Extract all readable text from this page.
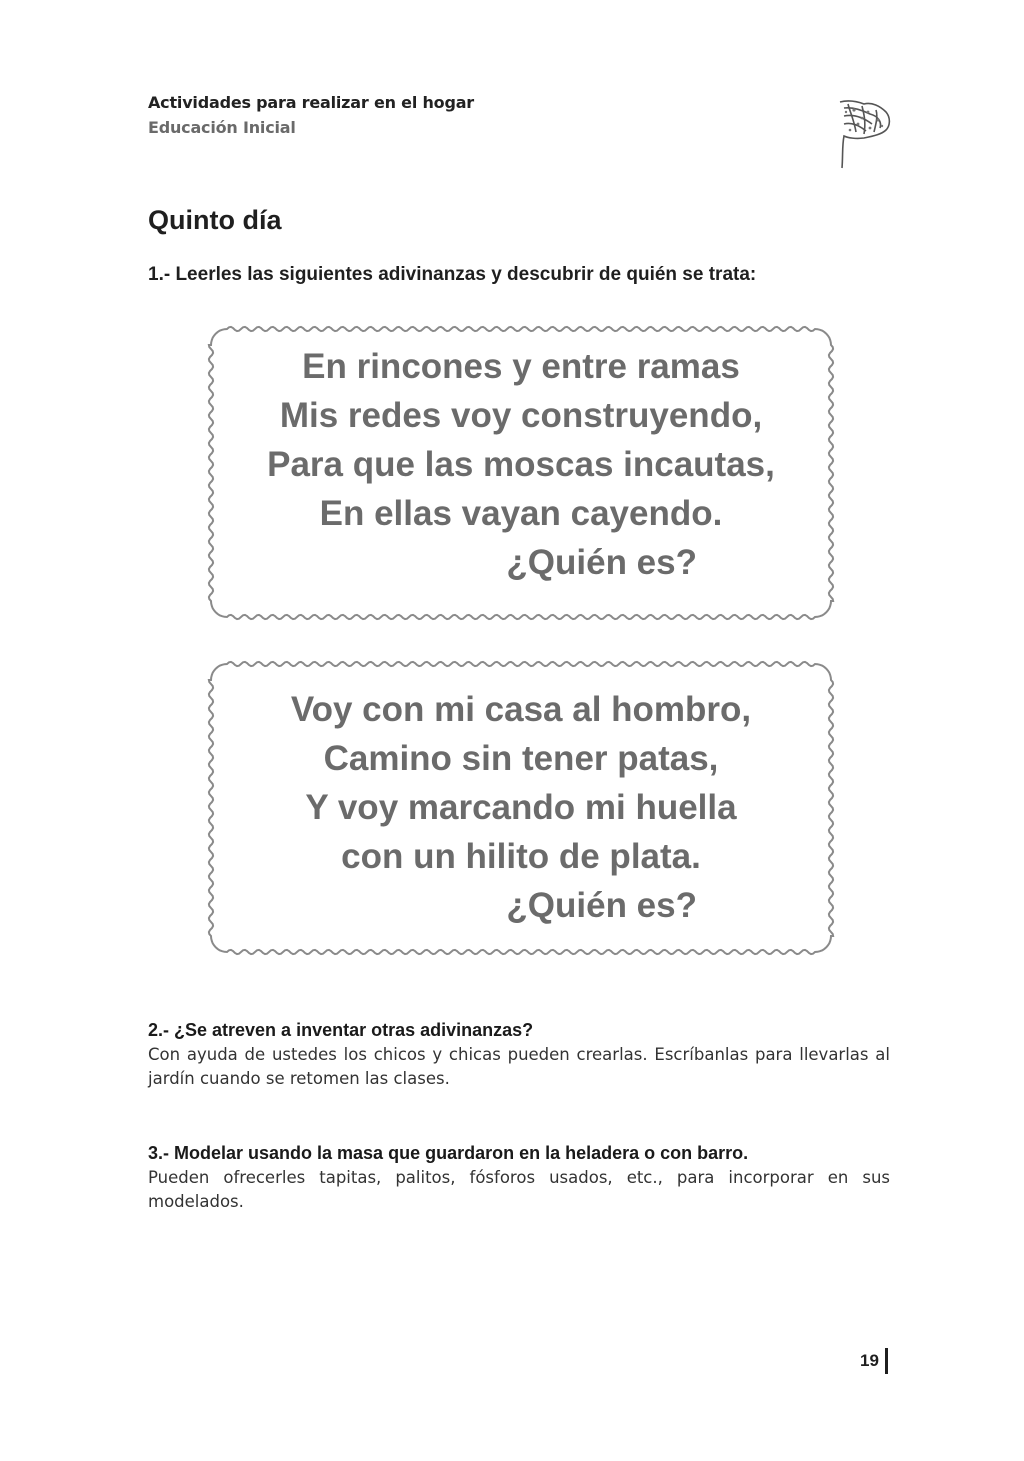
Actividades para realizar en el hogar
Educación Inicial
Quinto día
1.- Leerles las siguientes adivinanzas y descubrir de quién se trata:
En rincones y entre ramas
Mis redes voy construyendo,
Para que las moscas incautas,
En ellas vayan cayendo.
¿Quién es?
Voy con mi casa al hombro,
Camino sin tener patas,
Y voy marcando mi huella
con un hilito de plata.
¿Quién es?
2.- ¿Se atreven a inventar otras adivinanzas?
Con ayuda de ustedes los chicos y chicas pueden crearlas. Escríbanlas para llevarlas al jardín cuando se retomen las clases.
3.- Modelar usando la masa que guardaron en la heladera o con barro.
Pueden ofrecerles tapitas, palitos, fósforos usados, etc., para incorporar en sus modelados.
19
